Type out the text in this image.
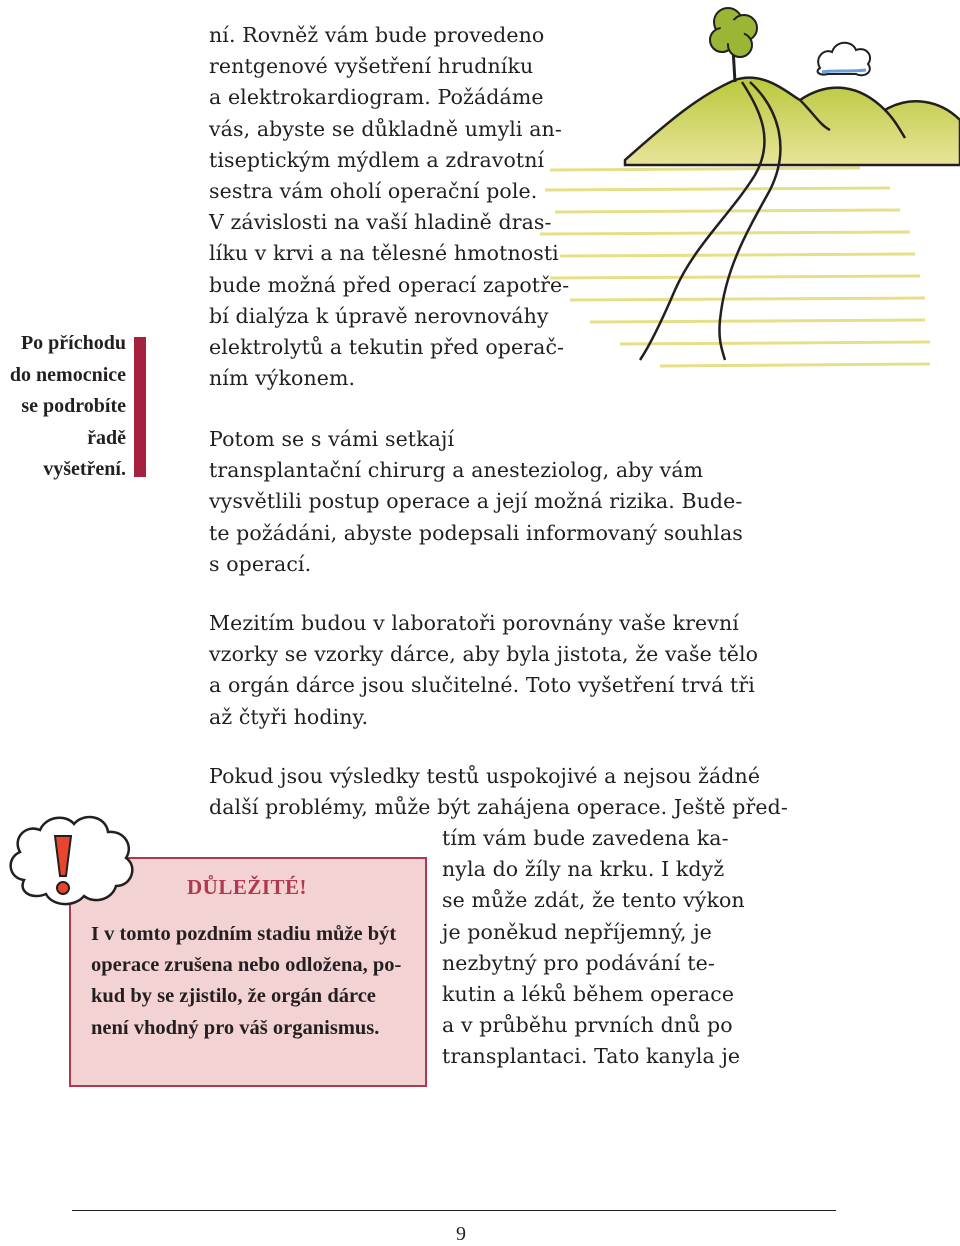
Po příchodu
do nemocnice
se podrobíte
řadě
vyšetření.

ní. Rovněž vám bude provedeno
rentgenové vyšetření hrudníku
a elektrokardiogram. Požádáme
vás, abyste se důkladně umyli an-
tiseptickým mýdlem a zdravotní
sestra vám oholí operační pole.
V závislosti na vaší hladině dras-
líku v krvi a na tělesné hmotnosti
bude možná před operací zapotře-
bí dialýza k úpravě nerovnováhy
elektrolytů a tekutin před operač-
ním výkonem.

Potom se s vámi setkají
transplantační chirurg a anesteziolog, aby vám
vysvětlili postup operace a její možná rizika. Bude-
te požádáni, abyste podepsali informovaný souhlas
s operací.

Mezitím budou v laboratoři porovnány vaše krevní
vzorky se vzorky dárce, aby byla jistota, že vaše tělo
a orgán dárce jsou slučitelné. Toto vyšetření trvá tři
až čtyři hodiny.

Pokud jsou výsledky testů uspokojivé a nejsou žádné
další problémy, může být zahájena operace. Ještě před-

tím vám bude zavedena ka-
nyla do žíly na krku. I když
se může zdát, že tento výkon
je poněkud nepříjemný, je
nezbytný pro podávání te-
kutin a léků během operace
a v průběhu prvních dnů po
transplantaci. Tato kanyla je

DŮLEŽITÉ!

I v tomto pozdním stadiu může být
operace zrušena nebo odložena, po-
kud by se zjistilo, že orgán dárce
není vhodný pro váš organismus.

9
